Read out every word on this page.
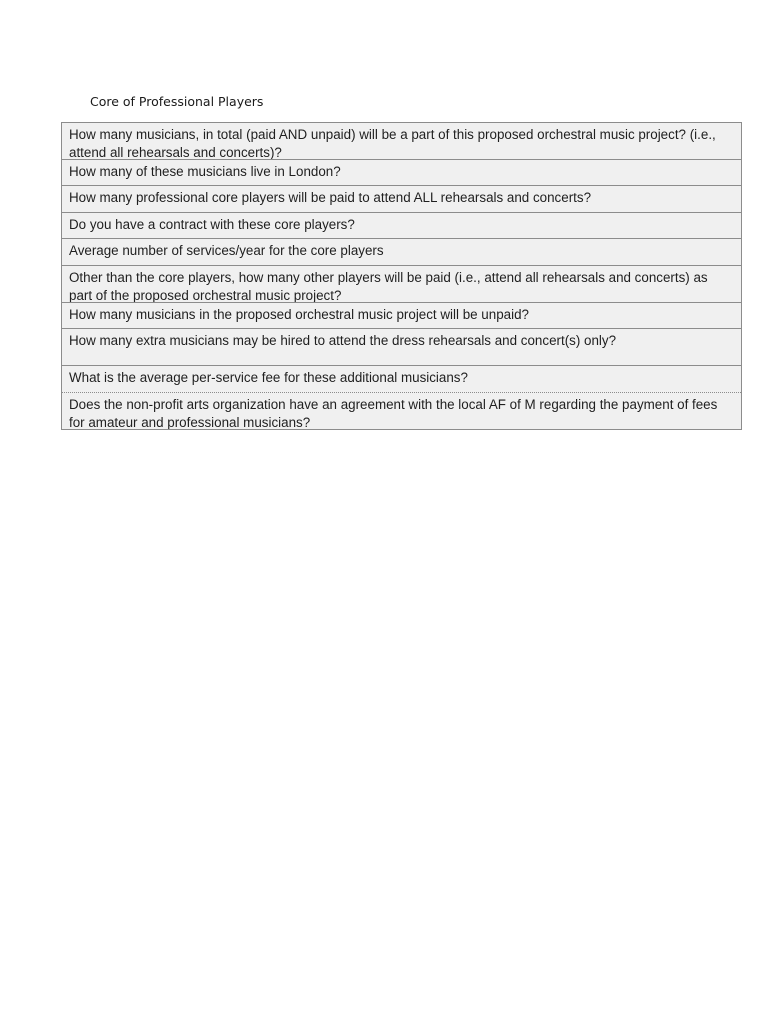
Core of Professional Players
How many musicians, in total (paid AND unpaid) will be a part of this proposed orchestral music project? (i.e., attend all rehearsals and concerts)?
How many of these musicians live in London?
How many professional core players will be paid to attend ALL rehearsals and concerts?
Do you have a contract with these core players?
Average number of services/year for the core players
Other than the core players, how many other players will be paid (i.e., attend all rehearsals and concerts) as part of the proposed orchestral music project?
How many musicians in the proposed orchestral music project will be unpaid?
How many extra musicians may be hired to attend the dress rehearsals and concert(s) only?
What is the average per-service fee for these additional musicians?
Does the non-profit arts organization have an agreement with the local AF of M regarding the payment of fees for amateur and professional musicians?
